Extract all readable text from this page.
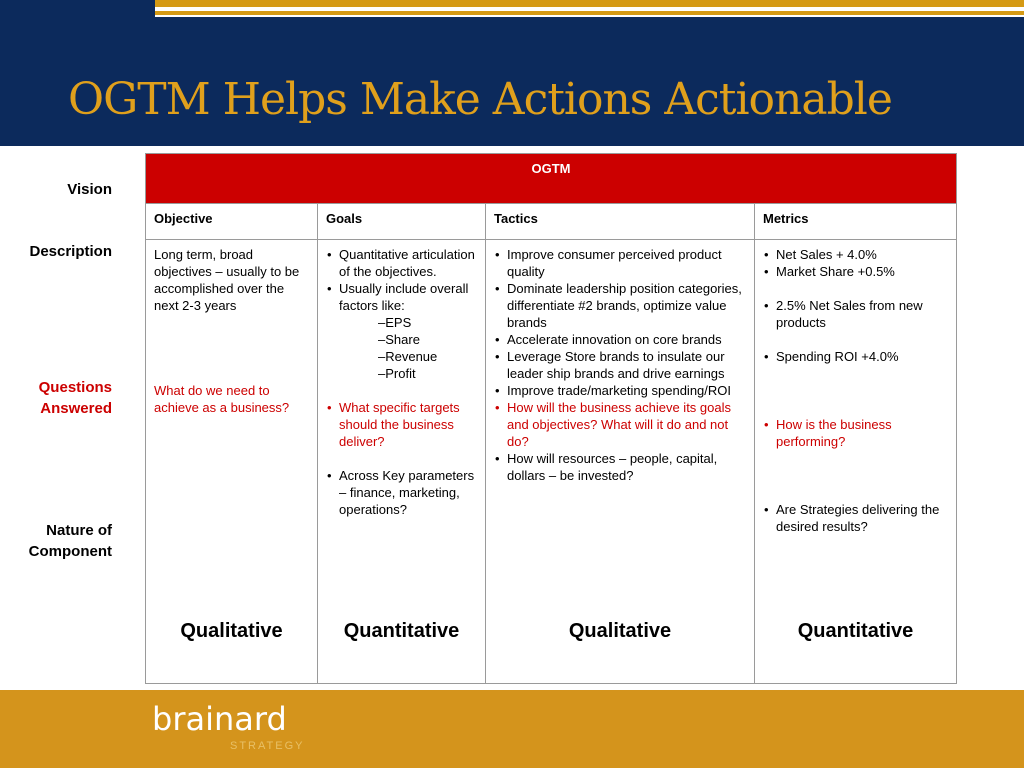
OGTM Helps Make Actions Actionable
Vision
Description
Questions
Answered
Nature of
Component
OGTM
Objective
Long term, broad objectives – usually to be accomplished over the next 2-3 years
What do we need to achieve as a business?
Qualitative
Goals
• Quantitative articulation of the objectives.
• Usually include overall factors like:
–EPS
–Share
–Revenue
–Profit
• What specific targets should the business deliver?
• Across Key parameters – finance, marketing, operations?
Quantitative
Tactics
• Improve consumer perceived product quality
• Dominate leadership position categories, differentiate #2 brands, optimize value brands
• Accelerate innovation on core brands
• Leverage Store brands to insulate our leader ship brands and drive earnings
• Improve trade/marketing spending/ROI
• How will the business achieve its goals and objectives? What will it do and not do?
• How will resources – people, capital, dollars – be invested?
Qualitative
Metrics
• Net Sales + 4.0%
• Market Share +0.5%
• 2.5% Net Sales from new products
• Spending ROI +4.0%
• How is the business performing?
• Are Strategies delivering the desired results?
Quantitative
brainard
STRATEGY
